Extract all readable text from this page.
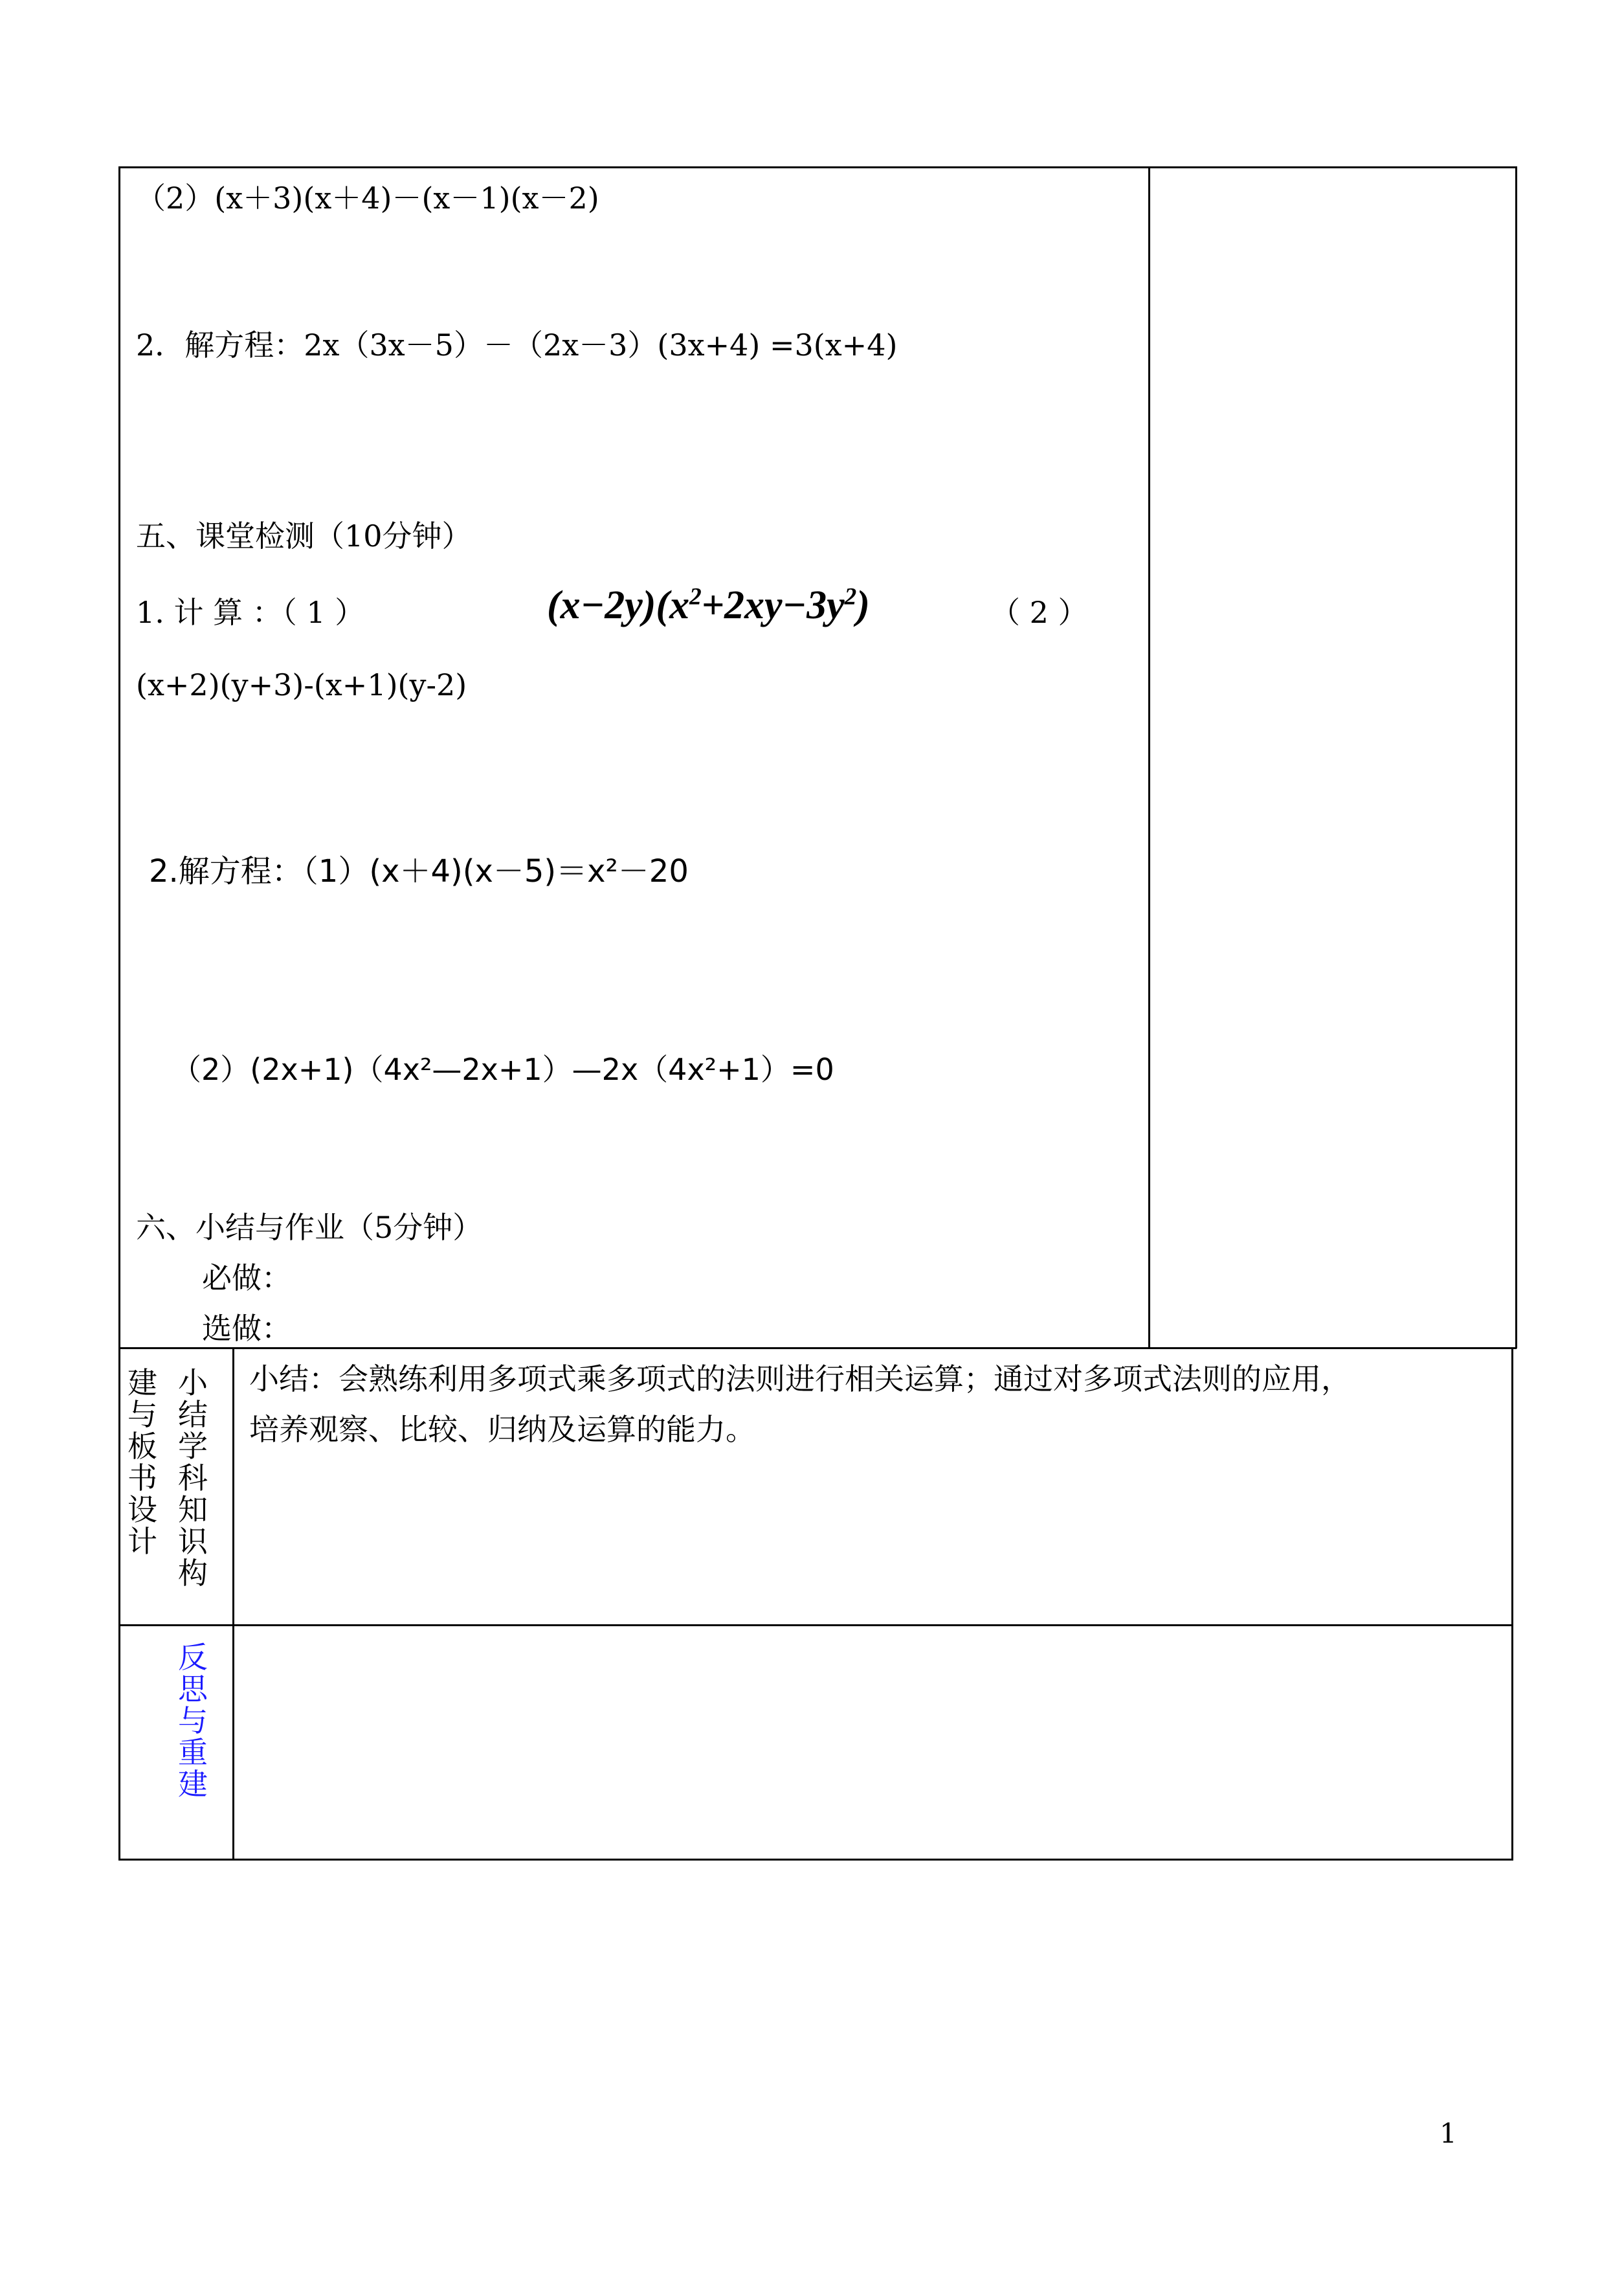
（2）(x＋3)(x＋4)－(x－1)(x－2)
2．解方程：2x（3x－5）－（2x－3）(3x+4) =3(x+4)
五、课堂检测（10分钟）
1. 计 算 ：（ 1 ）	$(x-2y)(x^2+2xy-3y^2)$	（ 2 ）
(x+2)(y+3)-(x+1)(y-2)
2.解方程：（1）(x＋4)(x－5)＝x²－20
（2）(2x+1)（4x²—2x+1）—2x（4x²+1）=0
六、小结与作业（5分钟）
必做：
选做：
建与板书设计
小结学科知识构
小结：会熟练利用多项式乘多项式的法则进行相关运算；通过对多项式法则的应用，
培养观察、比较、归纳及运算的能力。
反思与重建
1
